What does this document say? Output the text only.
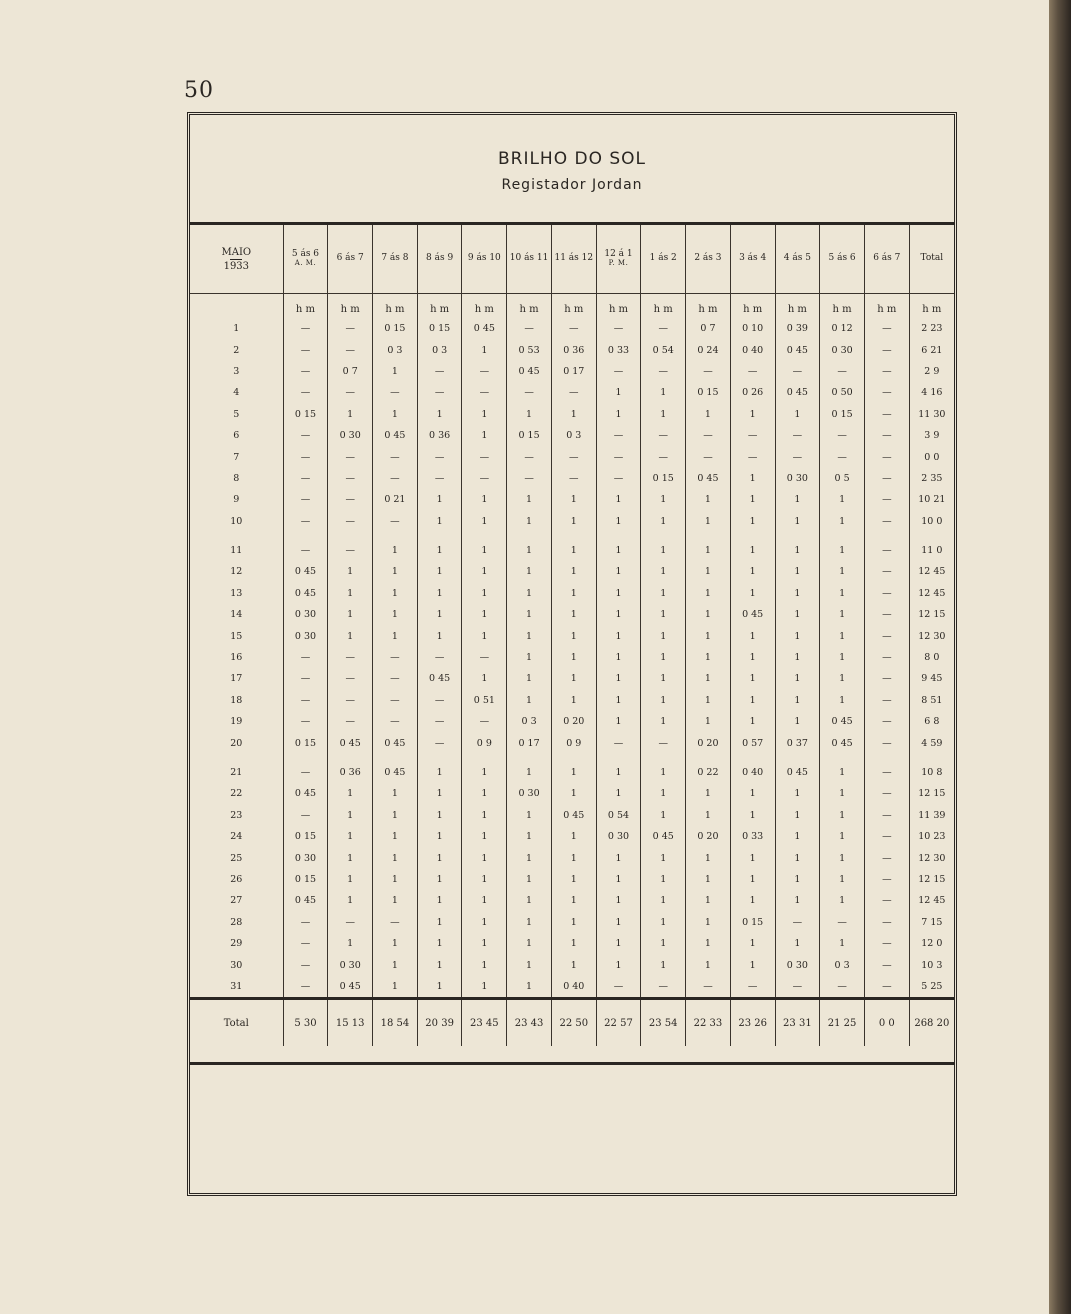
50
BRILHO DO SOL
Registador Jordan
MAIO
1933	5 ás 6
A. M.	6 ás 7	7 ás 8	8 ás 9	9 ás 10	10 ás 11	11 ás 12	12 á 1
P. M.	1 ás 2	2 ás 3	3 ás 4	4 ás 5	5 ás 6	6 ás 7	Total
	h m	h m	h m	h m	h m	h m	h m	h m	h m	h m	h m	h m	h m	h m	h m
1	—	—	0 15	0 15	0 45	—	—	—	—	0 7	0 10	0 39	0 12	—	2 23
2	—	—	0 3	0 3	1	0 53	0 36	0 33	0 54	0 24	0 40	0 45	0 30	—	6 21
3	—	0 7	1	—	—	0 45	0 17	—	—	—	—	—	—	—	2 9
4	—	—	—	—	—	—	—	1	1	0 15	0 26	0 45	0 50	—	4 16
5	0 15	1	1	1	1	1	1	1	1	1	1	1	0 15	—	11 30
6	—	0 30	0 45	0 36	1	0 15	0 3	—	—	—	—	—	—	—	3 9
7	—	—	—	—	—	—	—	—	—	—	—	—	—	—	0 0
8	—	—	—	—	—	—	—	—	0 15	0 45	1	0 30	0 5	—	2 35
9	—	—	0 21	1	1	1	1	1	1	1	1	1	1	—	10 21
10	—	—	—	1	1	1	1	1	1	1	1	1	1	—	10 0
11	—	—	1	1	1	1	1	1	1	1	1	1	1	—	11 0
12	0 45	1	1	1	1	1	1	1	1	1	1	1	1	—	12 45
13	0 45	1	1	1	1	1	1	1	1	1	1	1	1	—	12 45
14	0 30	1	1	1	1	1	1	1	1	1	0 45	1	1	—	12 15
15	0 30	1	1	1	1	1	1	1	1	1	1	1	1	—	12 30
16	—	—	—	—	—	1	1	1	1	1	1	1	1	—	8 0
17	—	—	—	0 45	1	1	1	1	1	1	1	1	1	—	9 45
18	—	—	—	—	0 51	1	1	1	1	1	1	1	1	—	8 51
19	—	—	—	—	—	0 3	0 20	1	1	1	1	1	0 45	—	6 8
20	0 15	0 45	0 45	—	0 9	0 17	0 9	—	—	0 20	0 57	0 37	0 45	—	4 59
21	—	0 36	0 45	1	1	1	1	1	1	0 22	0 40	0 45	1	—	10 8
22	0 45	1	1	1	1	0 30	1	1	1	1	1	1	1	—	12 15
23	—	1	1	1	1	1	0 45	0 54	1	1	1	1	1	—	11 39
24	0 15	1	1	1	1	1	1	0 30	0 45	0 20	0 33	1	1	—	10 23
25	0 30	1	1	1	1	1	1	1	1	1	1	1	1	—	12 30
26	0 15	1	1	1	1	1	1	1	1	1	1	1	1	—	12 15
27	0 45	1	1	1	1	1	1	1	1	1	1	1	1	—	12 45
28	—	—	—	1	1	1	1	1	1	1	0 15	—	—	—	7 15
29	—	1	1	1	1	1	1	1	1	1	1	1	1	—	12 0
30	—	0 30	1	1	1	1	1	1	1	1	1	0 30	0 3	—	10 3
31	—	0 45	1	1	1	1	0 40	—	—	—	—	—	—	—	5 25
Total	5 30	15 13	18 54	20 39	23 45	23 43	22 50	22 57	23 54	22 33	23 26	23 31	21 25	0 0	268 20
